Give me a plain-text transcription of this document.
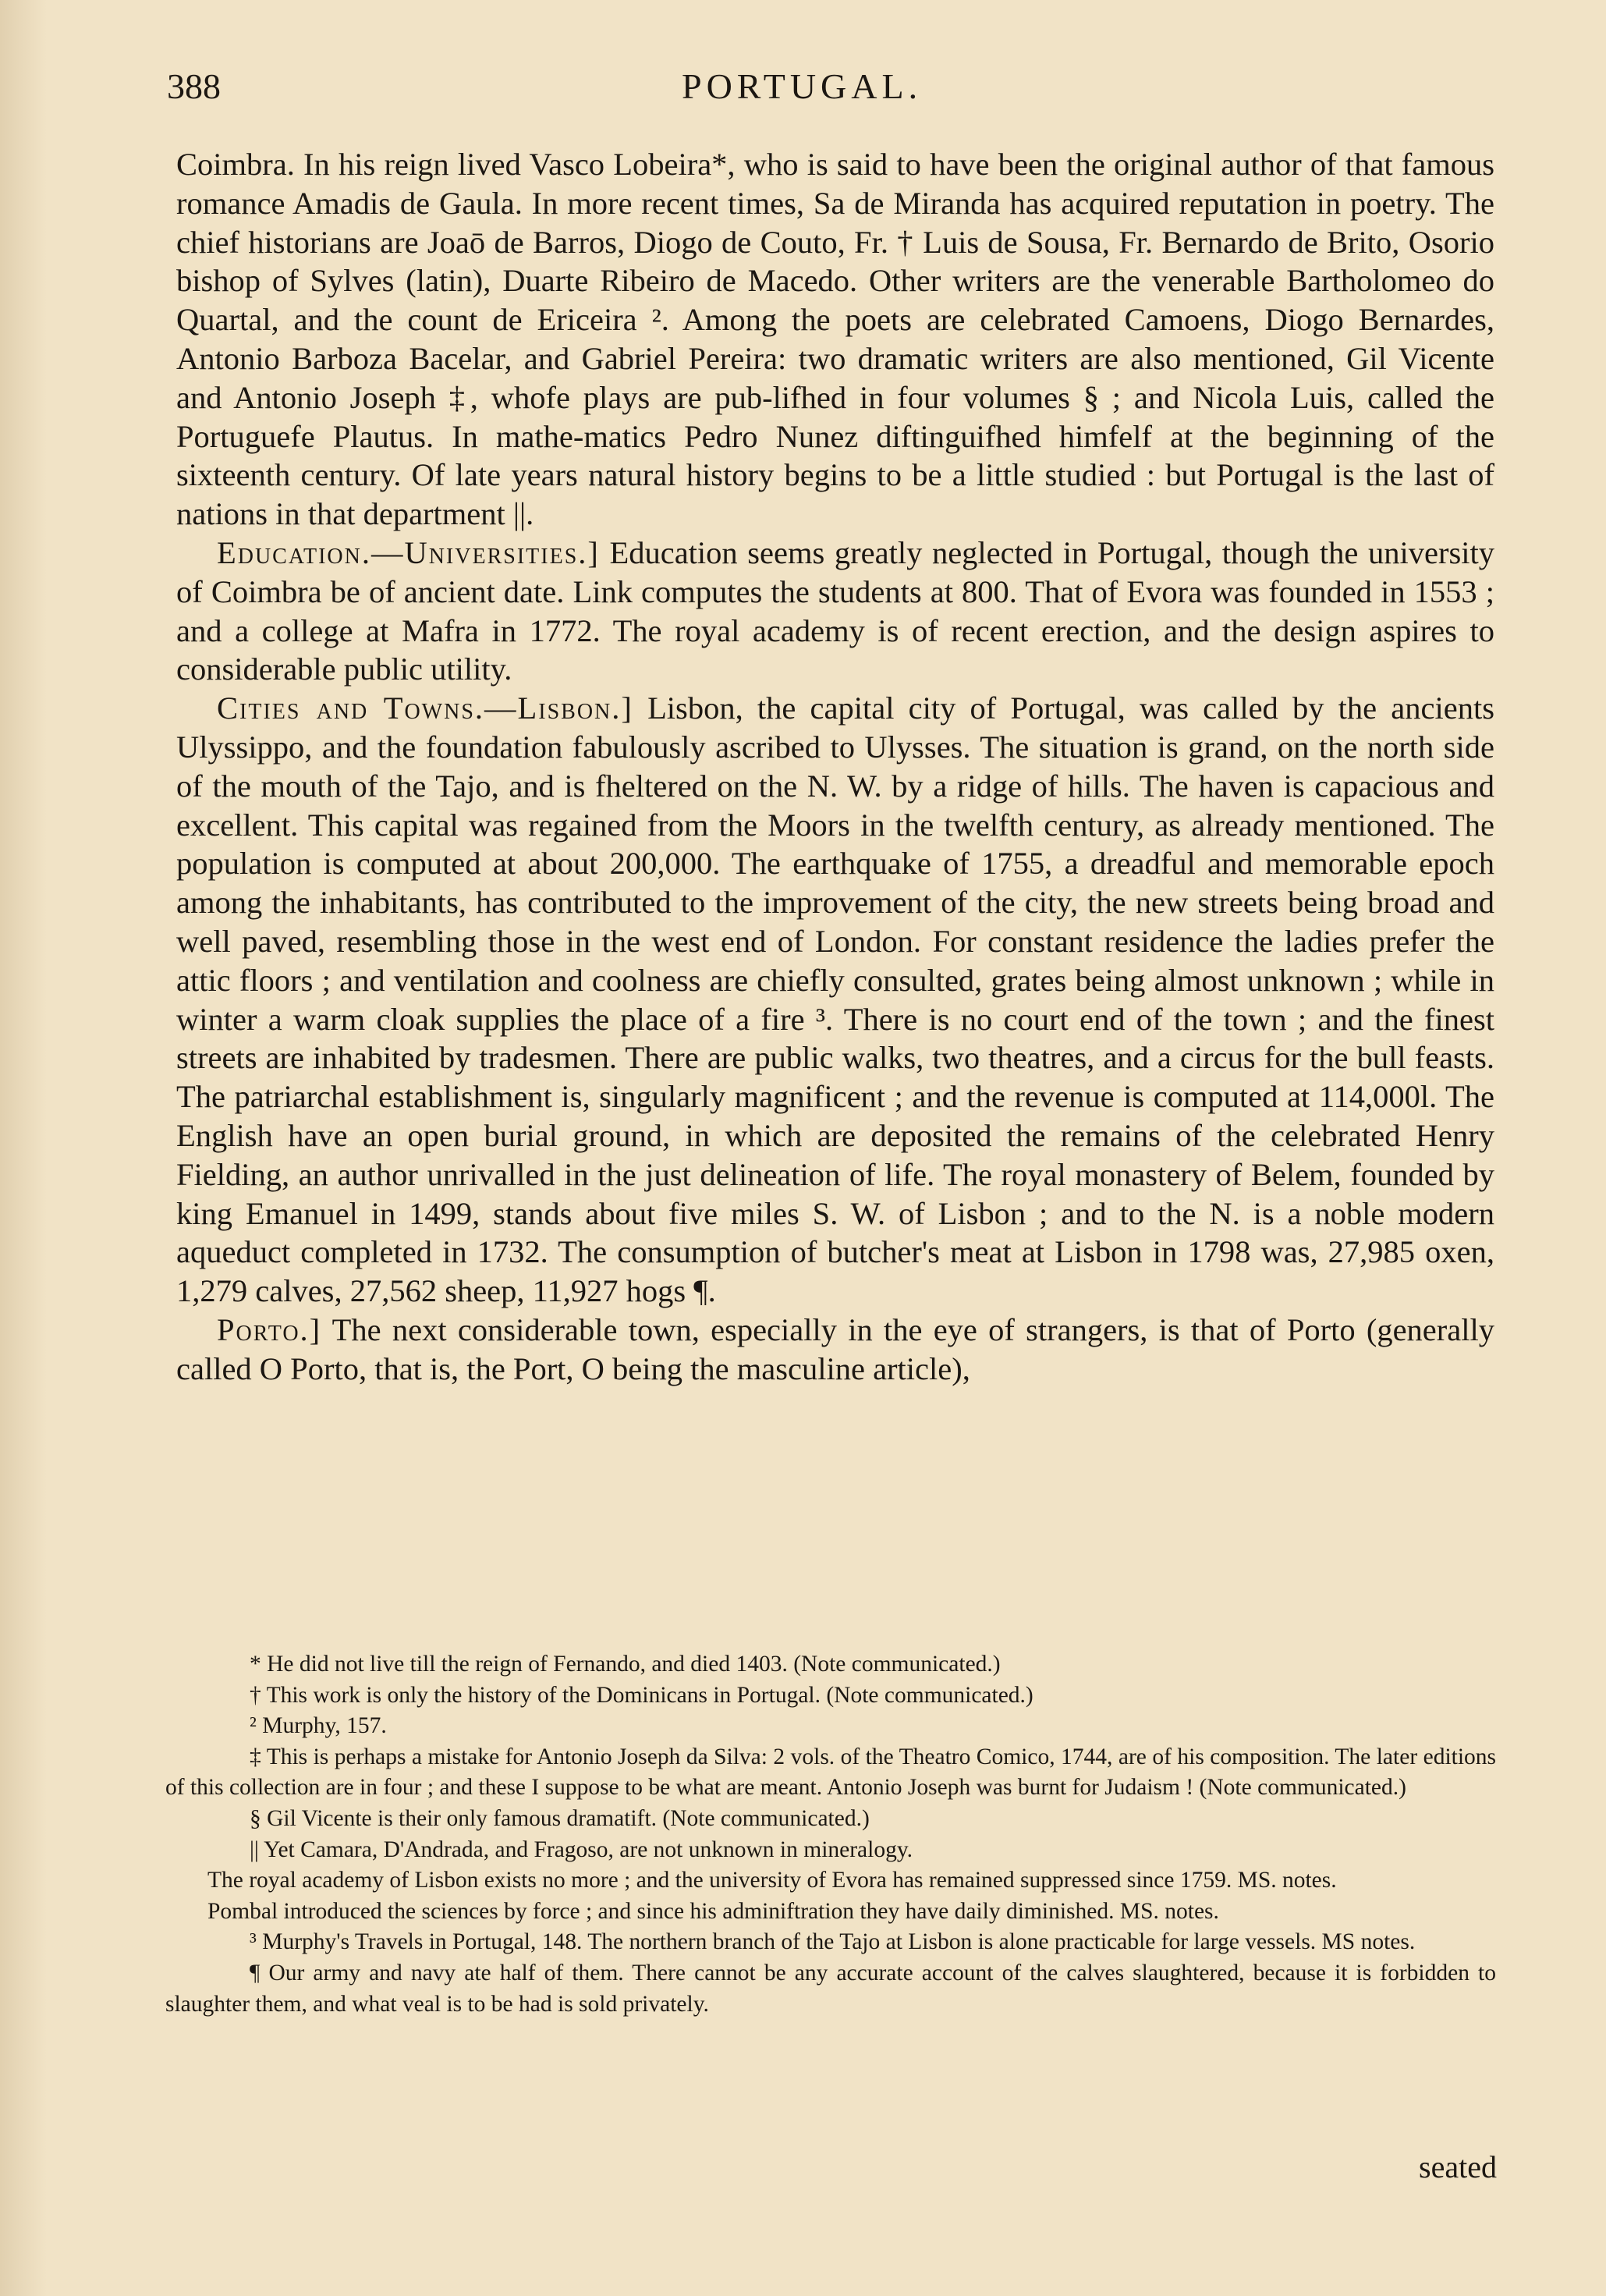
388	PORTUGAL.

Coimbra. In his reign lived Vasco Lobeira*, who is said to have been the original author of that famous romance Amadis de Gaula. In more recent times, Sa de Miranda has acquired reputation in poetry. The chief historians are Joaō de Barros, Diogo de Couto, Fr. † Luis de Sousa, Fr. Bernardo de Brito, Osorio bishop of Sylves (latin), Duarte Ribeiro de Macedo. Other writers are the venerable Bartholomeo do Quartal, and the count de Ericeira ². Among the poets are celebrated Camoens, Diogo Bernardes, Antonio Barboza Bacelar, and Gabriel Pereira: two dramatic writers are also mentioned, Gil Vicente and Antonio Joseph ‡, whofe plays are pub-lifhed in four volumes § ; and Nicola Luis, called the Portuguefe Plautus. In mathe-matics Pedro Nunez diftinguifhed himfelf at the beginning of the sixteenth century. Of late years natural history begins to be a little studied : but Portugal is the last of nations in that department ||.

Education.—Universities.] Education seems greatly neglected in Portugal, though the university of Coimbra be of ancient date. Link computes the students at 800. That of Evora was founded in 1553 ; and a college at Mafra in 1772. The royal academy is of recent erection, and the design aspires to considerable public utility.

Cities and Towns.—Lisbon.] Lisbon, the capital city of Portugal, was called by the ancients Ulyssippo, and the foundation fabulously ascribed to Ulysses. The situation is grand, on the north side of the mouth of the Tajo, and is fheltered on the N. W. by a ridge of hills. The haven is capacious and excellent. This capital was regained from the Moors in the twelfth century, as already mentioned. The population is computed at about 200,000. The earthquake of 1755, a dreadful and memorable epoch among the inhabitants, has contributed to the improvement of the city, the new streets being broad and well paved, resembling those in the west end of London. For constant residence the ladies prefer the attic floors ; and ventilation and coolness are chiefly consulted, grates being almost unknown ; while in winter a warm cloak supplies the place of a fire ³. There is no court end of the town ; and the finest streets are inhabited by tradesmen. There are public walks, two theatres, and a circus for the bull feasts. The patriarchal establishment is, singularly magnificent ; and the revenue is computed at 114,000l. The English have an open burial ground, in which are deposited the remains of the celebrated Henry Fielding, an author unrivalled in the just delineation of life. The royal monastery of Belem, founded by king Emanuel in 1499, stands about five miles S. W. of Lisbon ; and to the N. is a noble modern aqueduct completed in 1732. The consumption of butcher's meat at Lisbon in 1798 was, 27,985 oxen, 1,279 calves, 27,562 sheep, 11,927 hogs ¶.

Porto.] The next considerable town, especially in the eye of strangers, is that of Porto (generally called O Porto, that is, the Port, O being the masculine article),

* He did not live till the reign of Fernando, and died 1403. (Note communicated.)

† This work is only the history of the Dominicans in Portugal. (Note communicated.)

² Murphy, 157.

‡ This is perhaps a mistake for Antonio Joseph da Silva: 2 vols. of the Theatro Comico, 1744, are of his composition. The later editions of this collection are in four ; and these I suppose to be what are meant. Antonio Joseph was burnt for Judaism ! (Note communicated.)

§ Gil Vicente is their only famous dramatift. (Note communicated.)

|| Yet Camara, D'Andrada, and Fragoso, are not unknown in mineralogy.

The royal academy of Lisbon exists no more ; and the university of Evora has remained suppressed since 1759. MS. notes.

Pombal introduced the sciences by force ; and since his adminiftration they have daily diminished. MS. notes.

³ Murphy's Travels in Portugal, 148. The northern branch of the Tajo at Lisbon is alone practicable for large vessels. MS notes.

¶ Our army and navy ate half of them. There cannot be any accurate account of the calves slaughtered, because it is forbidden to slaughter them, and what veal is to be had is sold privately.

seated
